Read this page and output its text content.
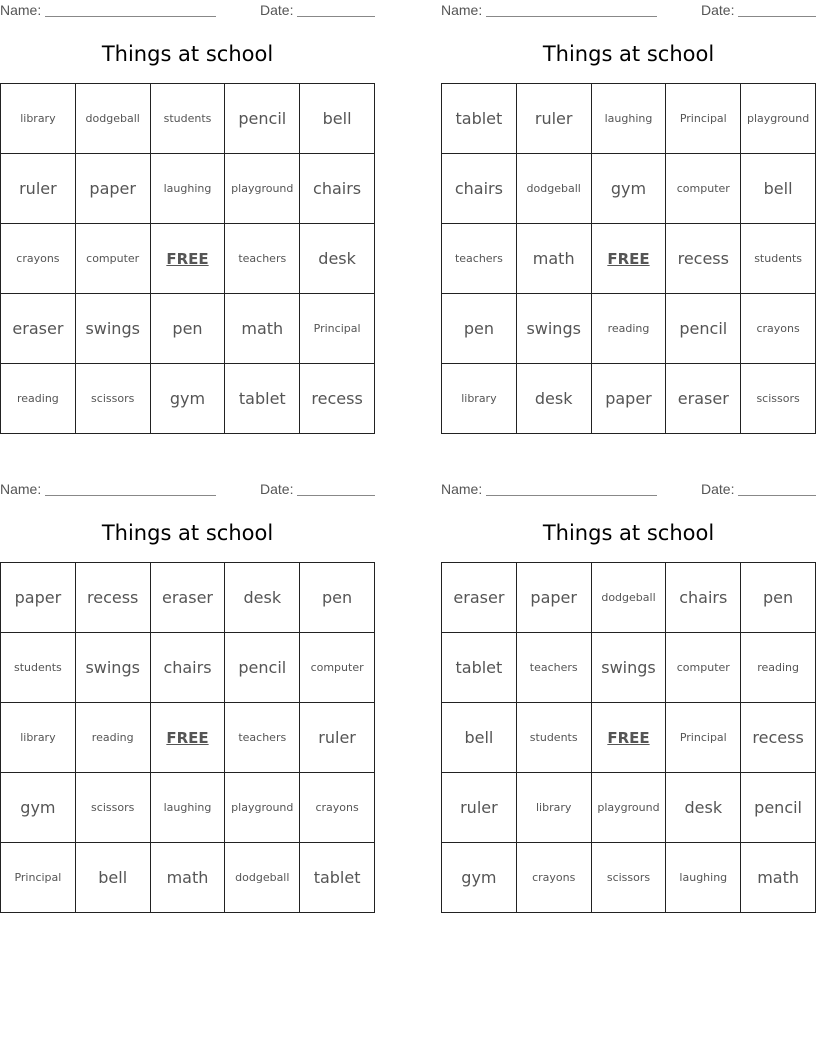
Name:	Date:
Things at school
library	dodgeball	students	pencil	bell
ruler	paper	laughing	playground	chairs
crayons	computer	FREE	teachers	desk
eraser	swings	pen	math	Principal
reading	scissors	gym	tablet	recess
Name:	Date:
Things at school
tablet	ruler	laughing	Principal	playground
chairs	dodgeball	gym	computer	bell
teachers	math	FREE	recess	students
pen	swings	reading	pencil	crayons
library	desk	paper	eraser	scissors
Name:	Date:
Things at school
paper	recess	eraser	desk	pen
students	swings	chairs	pencil	computer
library	reading	FREE	teachers	ruler
gym	scissors	laughing	playground	crayons
Principal	bell	math	dodgeball	tablet
Name:	Date:
Things at school
eraser	paper	dodgeball	chairs	pen
tablet	teachers	swings	computer	reading
bell	students	FREE	Principal	recess
ruler	library	playground	desk	pencil
gym	crayons	scissors	laughing	math
